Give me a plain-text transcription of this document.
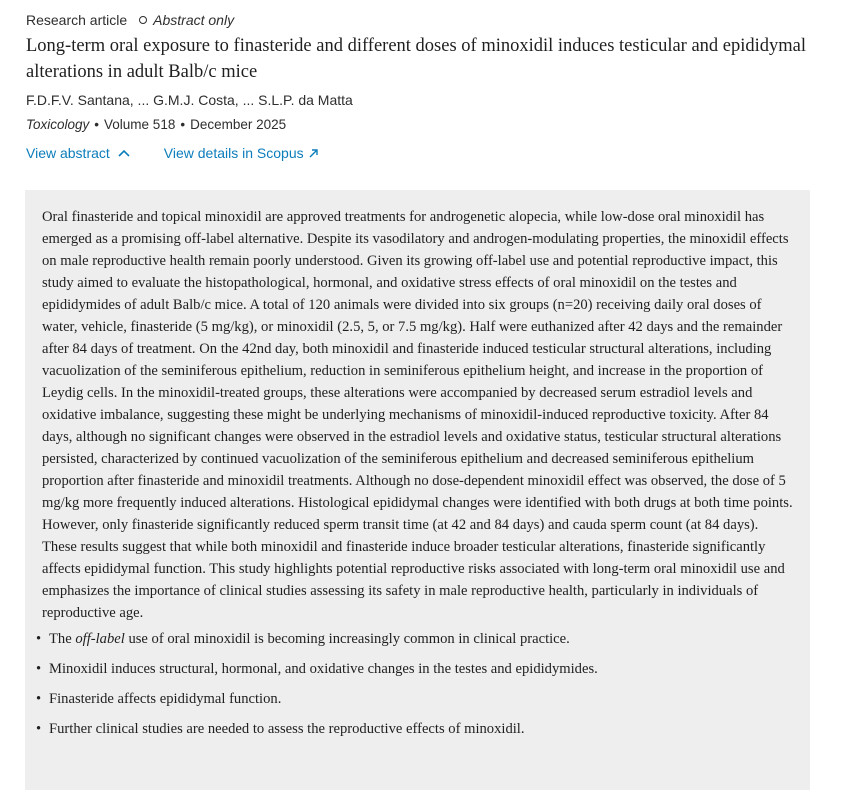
Research article Abstract only
Long-term oral exposure to finasteride and different doses of minoxidil induces testicular and epididymal alterations in adult Balb/c mice
F.D.F.V. Santana, ... G.M.J. Costa, ... S.L.P. da Matta
Toxicology • Volume 518 • December 2025
View abstract	View details in Scopus

Oral finasteride and topical minoxidil are approved treatments for androgenetic alopecia, while low-dose oral minoxidil has emerged as a promising off-label alternative. Despite its vasodilatory and androgen-modulating properties, the minoxidil effects on male reproductive health remain poorly understood. Given its growing off-label use and potential reproductive impact, this study aimed to evaluate the histopathological, hormonal, and oxidative stress effects of oral minoxidil on the testes and epididymides of adult Balb/c mice. A total of 120 animals were divided into six groups (n=20) receiving daily oral doses of water, vehicle, finasteride (5 mg/kg), or minoxidil (2.5, 5, or 7.5 mg/kg). Half were euthanized after 42 days and the remainder after 84 days of treatment. On the 42nd day, both minoxidil and finasteride induced testicular structural alterations, including vacuolization of the seminiferous epithelium, reduction in seminiferous epithelium height, and increase in the proportion of Leydig cells. In the minoxidil-treated groups, these alterations were accompanied by decreased serum estradiol levels and oxidative imbalance, suggesting these might be underlying mechanisms of minoxidil-induced reproductive toxicity. After 84 days, although no significant changes were observed in the estradiol levels and oxidative status, testicular structural alterations persisted, characterized by continued vacuolization of the seminiferous epithelium and decreased seminiferous epithelium proportion after finasteride and minoxidil treatments. Although no dose-dependent minoxidil effect was observed, the dose of 5 mg/kg more frequently induced alterations. Histological epididymal changes were identified with both drugs at both time points. However, only finasteride significantly reduced sperm transit time (at 42 and 84 days) and cauda sperm count (at 84 days). These results suggest that while both minoxidil and finasteride induce broader testicular alterations, finasteride significantly affects epididymal function. This study highlights potential reproductive risks associated with long-term oral minoxidil use and emphasizes the importance of clinical studies assessing its safety in male reproductive health, particularly in individuals of reproductive age.

• The off-label use of oral minoxidil is becoming increasingly common in clinical practice.
• Minoxidil induces structural, hormonal, and oxidative changes in the testes and epididymides.
• Finasteride affects epididymal function.
• Further clinical studies are needed to assess the reproductive effects of minoxidil.
